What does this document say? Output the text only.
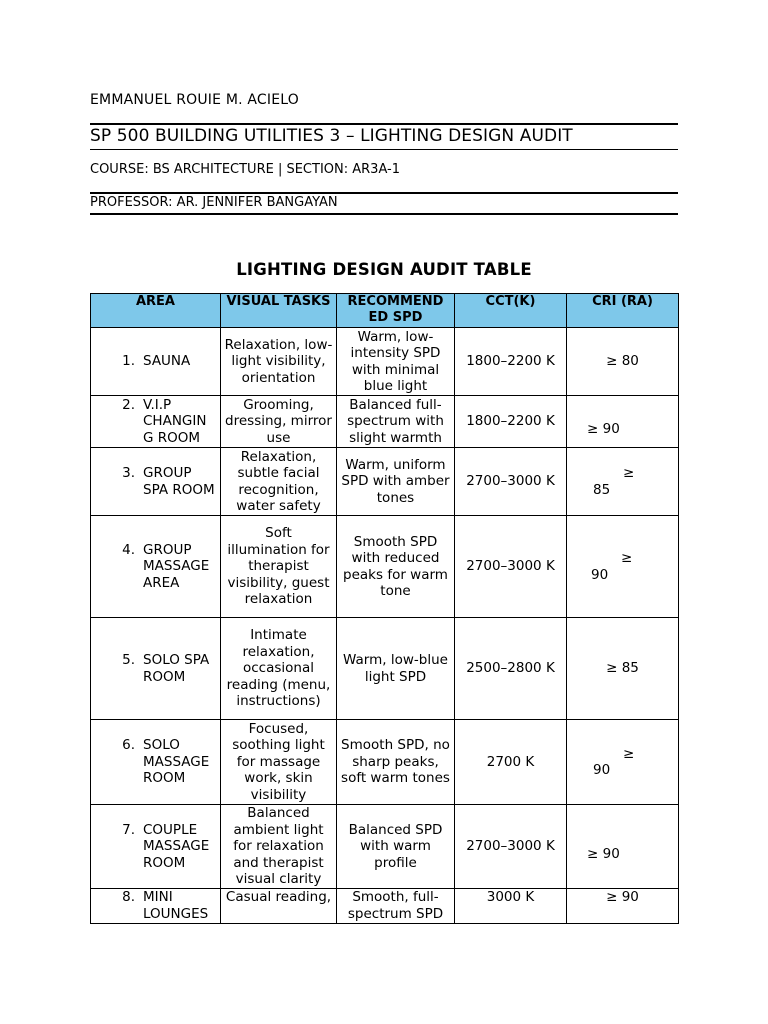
EMMANUEL ROUIE M. ACIELO
SP 500 BUILDING UTILITIES 3 – LIGHTING DESIGN AUDIT
COURSE: BS ARCHITECTURE | SECTION: AR3A-1
PROFESSOR: AR. JENNIFER BANGAYAN
LIGHTING DESIGN AUDIT TABLE
AREA	VISUAL TASKS	RECOMMEND ED SPD	CCT(K)	CRI (RA)

1. SAUNA	Relaxation, low-light visibility, orientation	Warm, low-intensity SPD with minimal blue light	1800–2200 K	≥ 80

2. V.I.P CHANGIN G ROOM	Grooming, dressing, mirror use	Balanced full-spectrum with slight warmth	1800–2200 K	≥ 90

3. GROUP SPA ROOM	Relaxation, subtle facial recognition, water safety	Warm, uniform SPD with amber tones	2700–3000 K	≥
85

4. GROUP MASSAGE AREA	Soft illumination for therapist visibility, guest relaxation	Smooth SPD with reduced peaks for warm tone	2700–3000 K	≥
90

5. SOLO SPA ROOM	Intimate relaxation, occasional reading (menu, instructions)	Warm, low-blue light SPD	2500–2800 K	≥ 85

6. SOLO MASSAGE ROOM	Focused, soothing light for massage work, skin visibility	Smooth SPD, no sharp peaks, soft warm tones	2700 K	≥
90

7. COUPLE MASSAGE ROOM	Balanced ambient light for relaxation and therapist visual clarity	Balanced SPD with warm profile	2700–3000 K	≥ 90

8. MINI LOUNGES	Casual reading,	Smooth, full-spectrum SPD	3000 K	≥ 90
